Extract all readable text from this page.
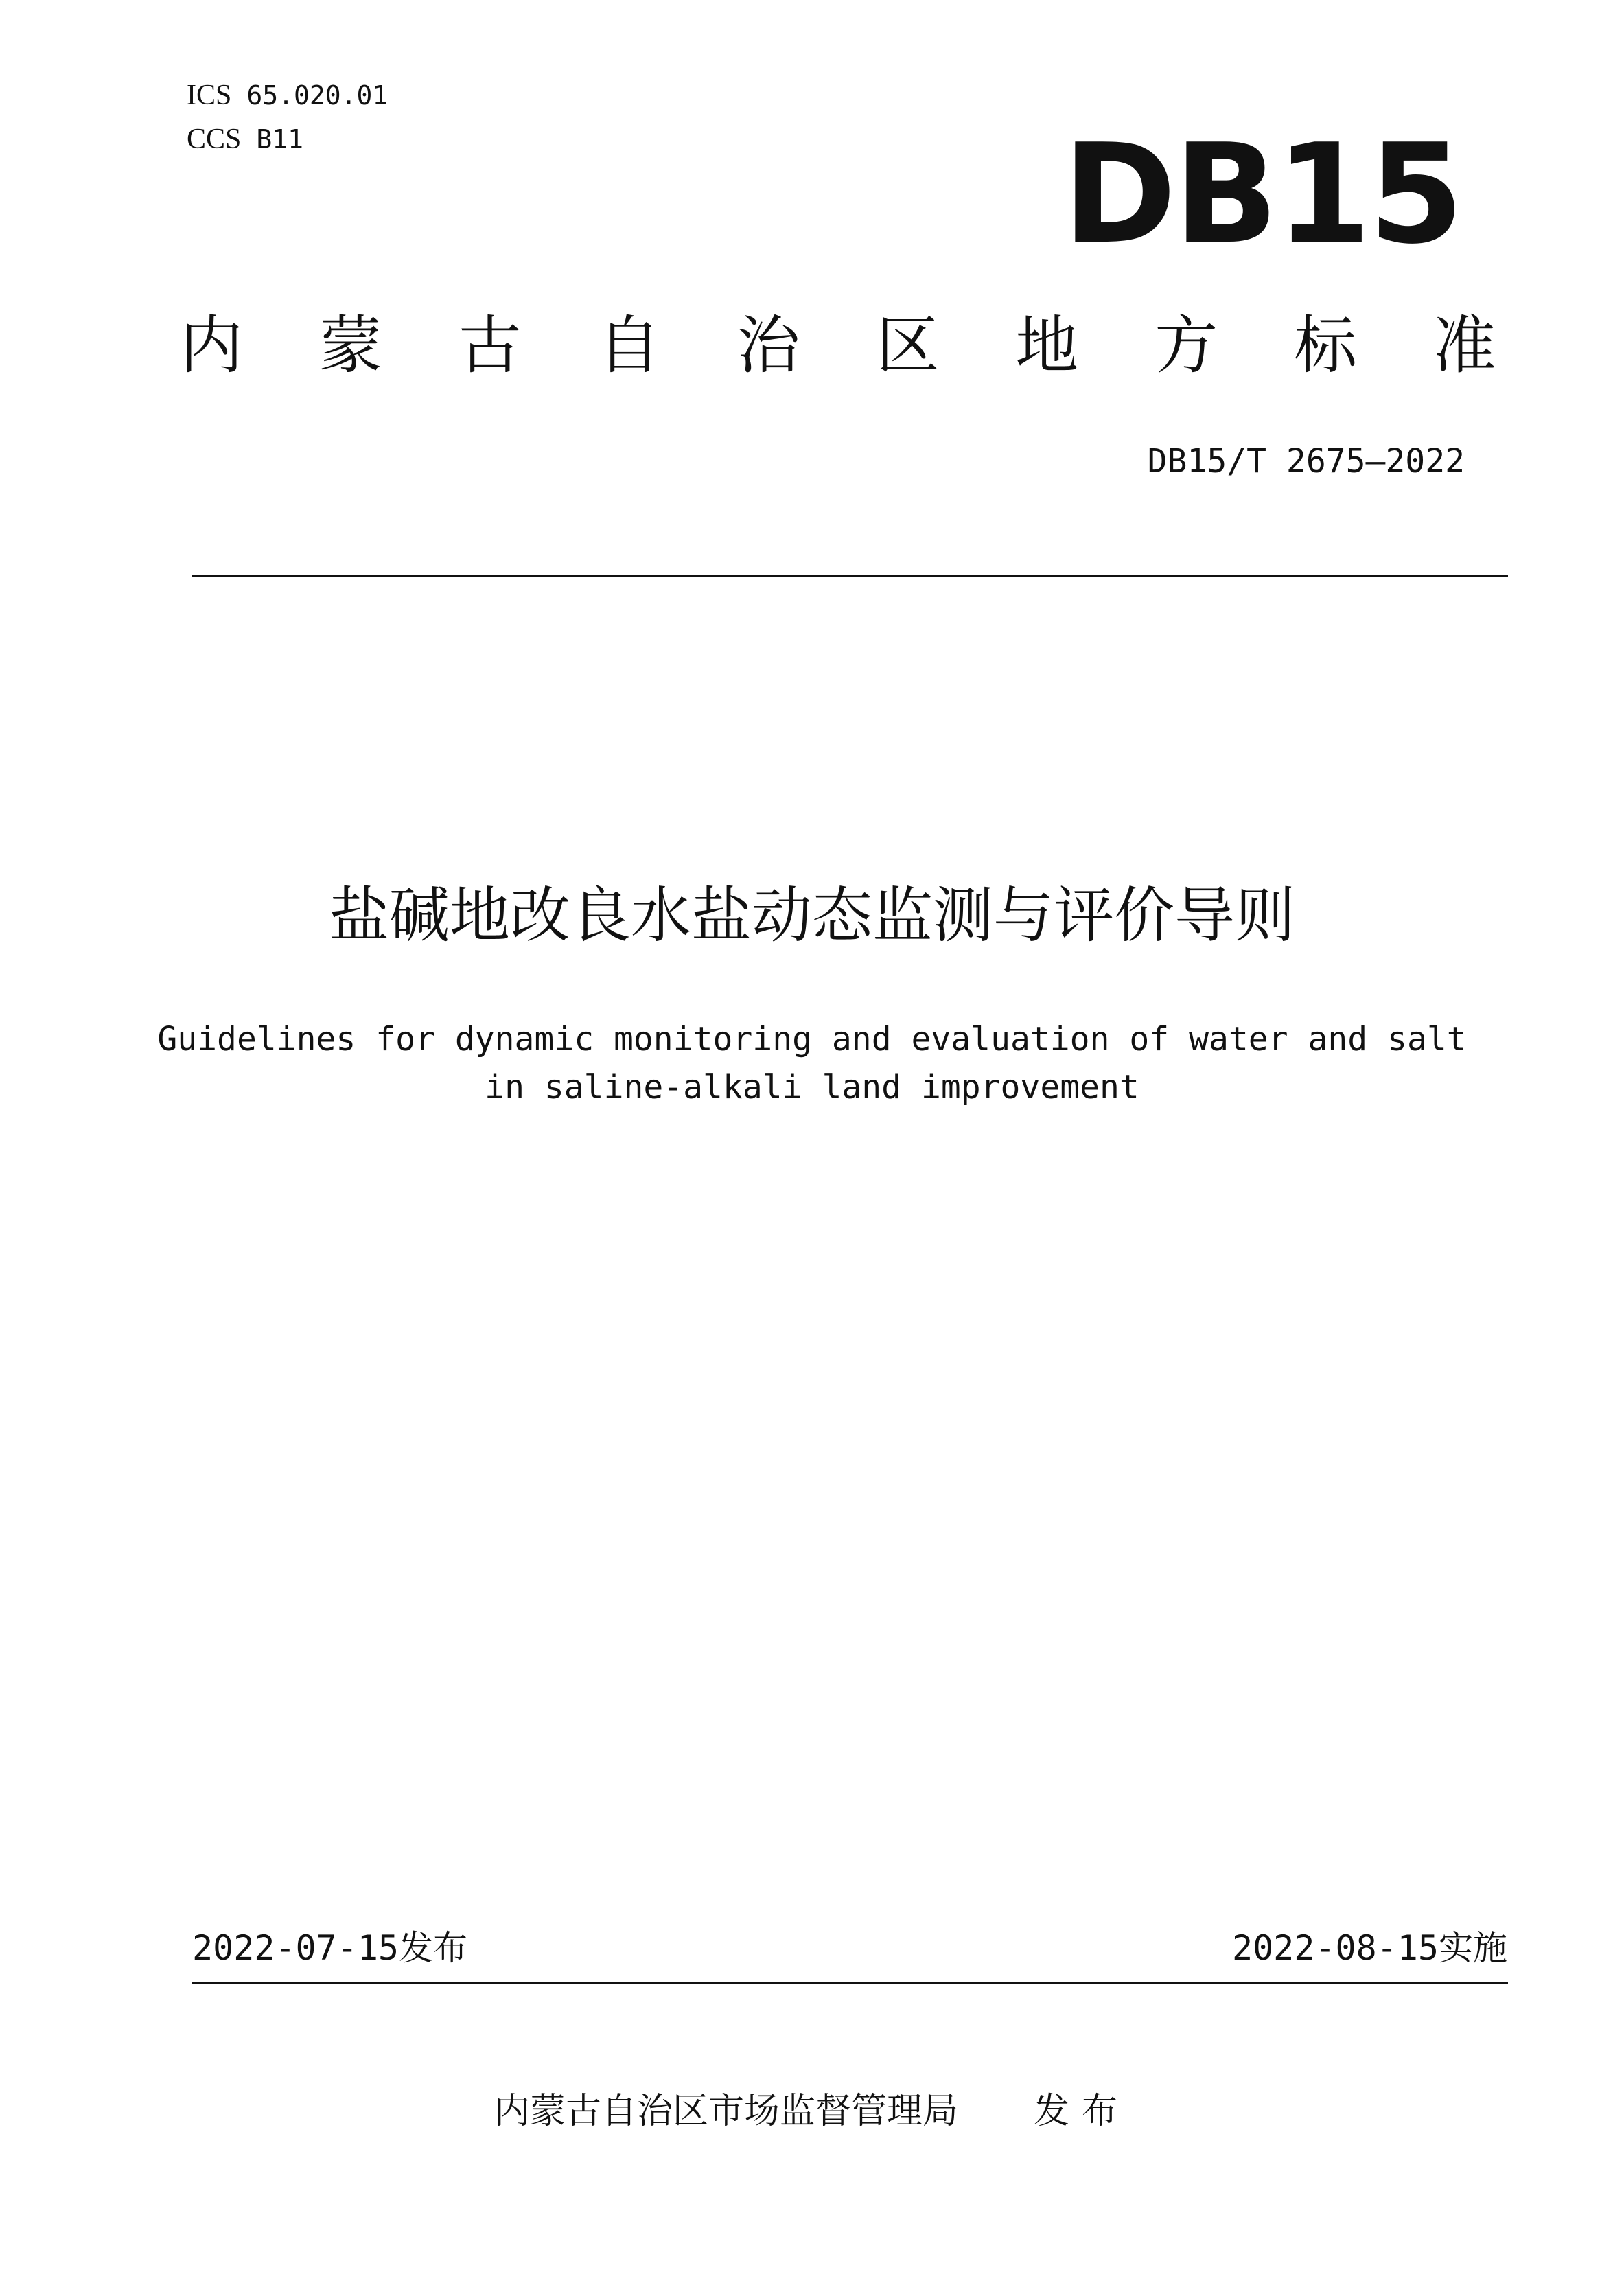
ICS 65.020.01
CCS B11	DB15
内 蒙 古 自 治 区 地 方 标 准
DB15/T 2675—2022
盐碱地改良水盐动态监测与评价导则
Guidelines for dynamic monitoring and evaluation of water and salt
in saline-alkali land improvement
2022-07-15发布	2022-08-15实施
内蒙古自治区市场监督管理局 发布
